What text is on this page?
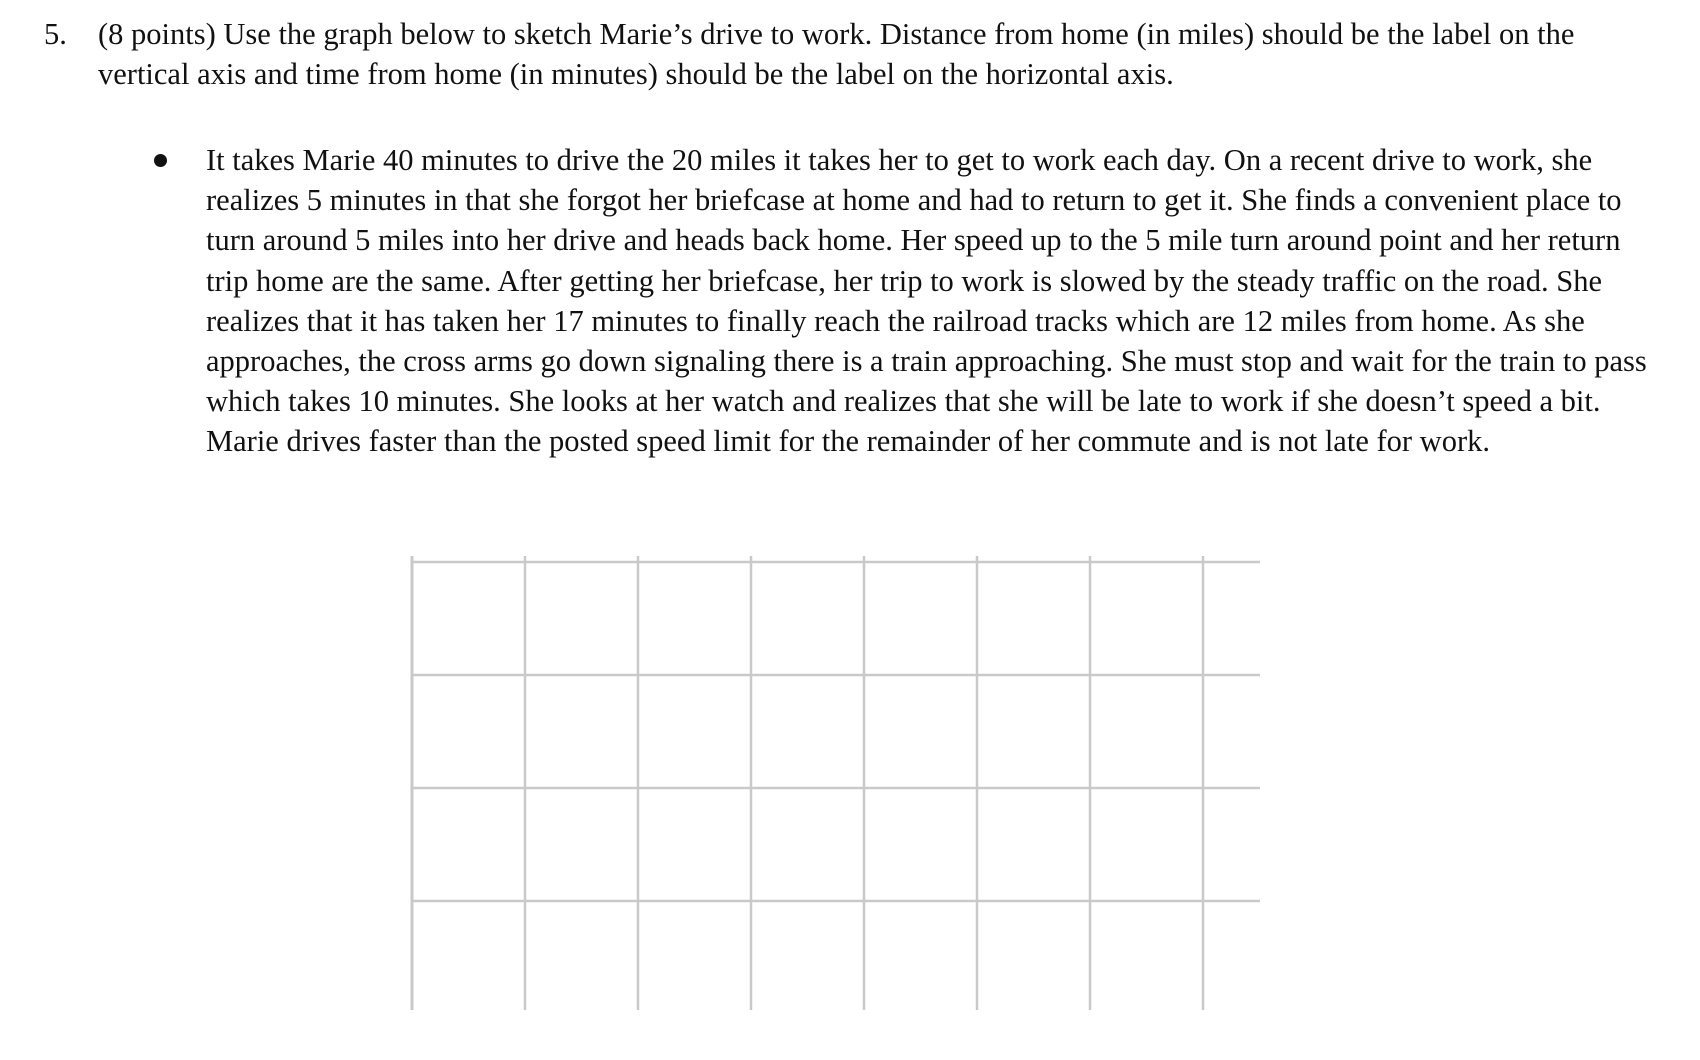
5.	(8 points) Use the graph below to sketch Marie’s drive to work. Distance from home (in miles) should be the label on the vertical axis and time from home (in minutes) should be the label on the horizontal axis.
It takes Marie 40 minutes to drive the 20 miles it takes her to get to work each day. On a recent drive to work, she realizes 5 minutes in that she forgot her briefcase at home and had to return to get it. She finds a convenient place to turn around 5 miles into her drive and heads back home. Her speed up to the 5 mile turn around point and her return trip home are the same. After getting her briefcase, her trip to work is slowed by the steady traffic on the road. She realizes that it has taken her 17 minutes to finally reach the railroad tracks which are 12 miles from home. As she approaches, the cross arms go down signaling there is a train approaching. She must stop and wait for the train to pass which takes 10 minutes. She looks at her watch and realizes that she will be late to work if she doesn’t speed a bit. Marie drives faster than the posted speed limit for the remainder of her commute and is not late for work.
